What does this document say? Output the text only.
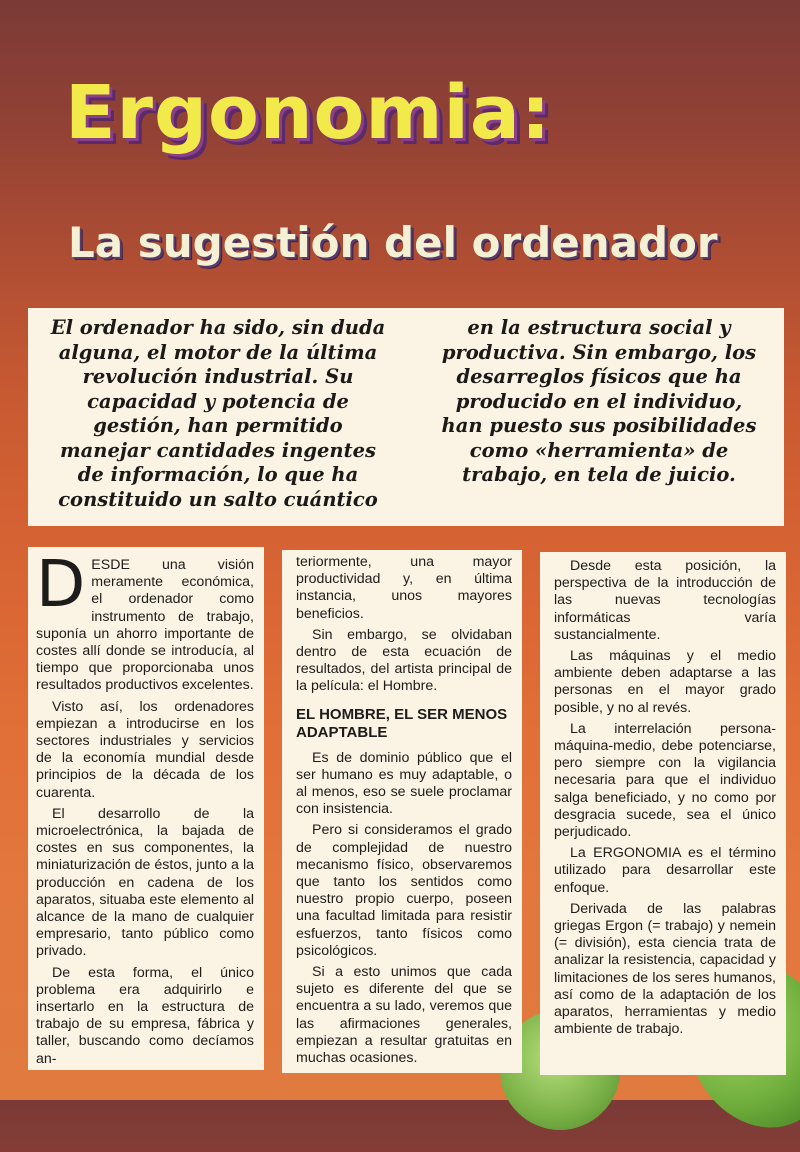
Ergonomia:
La sugestión del ordenador

El ordenador ha sido, sin duda alguna, el motor de la última revolución industrial. Su capacidad y potencia de gestión, han permitido manejar cantidades ingentes de información, lo que ha constituido un salto cuántico

en la estructura social y productiva. Sin embargo, los desarreglos físicos que ha producido en el individuo, han puesto sus posibilidades como «herramienta» de trabajo, en tela de juicio.

DESDE una visión meramente económica, el ordenador como instrumento de trabajo, suponía un ahorro importante de costes allí donde se introducía, al tiempo que proporcionaba unos resultados productivos excelentes.

Visto así, los ordenadores empiezan a introducirse en los sectores industriales y servicios de la economía mundial desde principios de la década de los cuarenta.

El desarrollo de la microelectrónica, la bajada de costes en sus componentes, la miniaturización de éstos, junto a la producción en cadena de los aparatos, situaba este elemento al alcance de la mano de cualquier empresario, tanto público como privado.

De esta forma, el único problema era adquirirlo e insertarlo en la estructura de trabajo de su empresa, fábrica y taller, buscando como decíamos an-

teriormente, una mayor productividad y, en última instancia, unos mayores beneficios.

Sin embargo, se olvidaban dentro de esta ecuación de resultados, del artista principal de la película: el Hombre.

EL HOMBRE, EL SER MENOS ADAPTABLE

Es de dominio público que el ser humano es muy adaptable, o al menos, eso se suele proclamar con insistencia.

Pero si consideramos el grado de complejidad de nuestro mecanismo físico, observaremos que tanto los sentidos como nuestro propio cuerpo, poseen una facultad limitada para resistir esfuerzos, tanto físicos como psicológicos.

Si a esto unimos que cada sujeto es diferente del que se encuentra a su lado, veremos que las afirmaciones generales, empiezan a resultar gratuitas en muchas ocasiones.

Desde esta posición, la perspectiva de la introducción de las nuevas tecnologías informáticas varía sustancialmente.

Las máquinas y el medio ambiente deben adaptarse a las personas en el mayor grado posible, y no al revés.

La interrelación persona-máquina-medio, debe potenciarse, pero siempre con la vigilancia necesaria para que el individuo salga beneficiado, y no como por desgracia sucede, sea el único perjudicado.

La ERGONOMIA es el término utilizado para desarrollar este enfoque.

Derivada de las palabras griegas Ergon (= trabajo) y nemein (= división), esta ciencia trata de analizar la resistencia, capacidad y limitaciones de los seres humanos, así como de la adaptación de los aparatos, herramientas y medio ambiente de trabajo.
